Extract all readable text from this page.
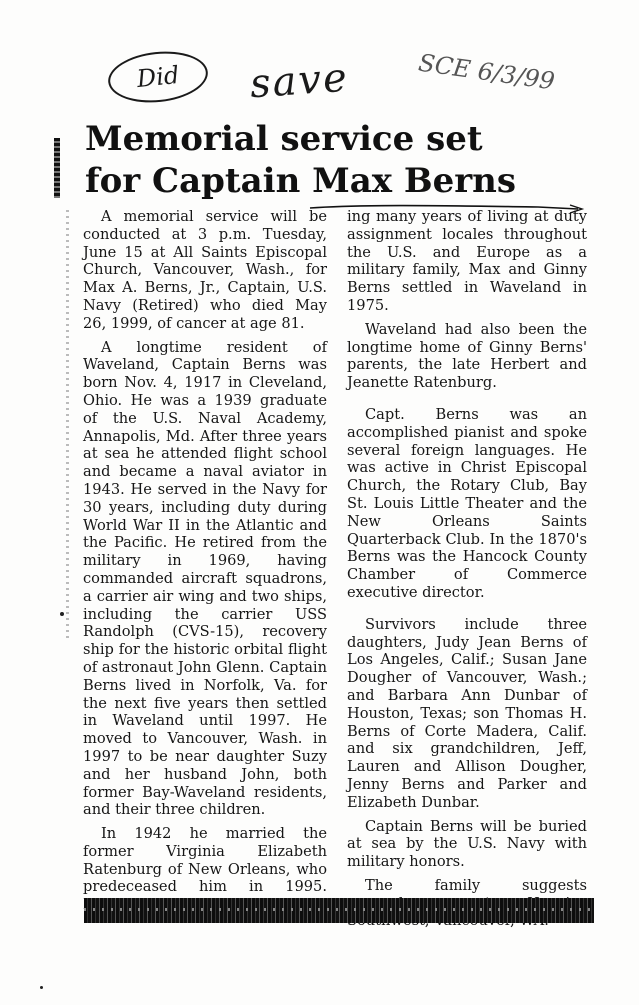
Did save	SCE 6/3/99
Memorial service set
for Captain Max Berns

A memorial service will be conducted at 3 p.m. Tuesday, June 15 at All Saints Episcopal Church, Vancouver, Wash., for Max A. Berns, Jr., Captain, U.S. Navy (Retired) who died May 26, 1999, of cancer at age 81.

A longtime resident of Waveland, Captain Berns was born Nov. 4, 1917 in Cleveland, Ohio. He was a 1939 graduate of the U.S. Naval Academy, Annapolis, Md. After three years at sea he attended flight school and became a naval aviator in 1943. He served in the Navy for 30 years, including duty during World War II in the Atlantic and the Pacific. He retired from the military in 1969, having commanded aircraft squadrons, a carrier air wing and two ships, including the carrier USS Randolph (CVS-15), recovery ship for the historic orbital flight of astronaut John Glenn. Captain Berns lived in Norfolk, Va. for the next five years then settled in Waveland until 1997. He moved to Vancouver, Wash. in 1997 to be near daughter Suzy and her husband John, both former Bay-Waveland residents, and their three children.

In 1942 he married the former Virginia Elizabeth Ratenburg of New Orleans, who predeceased him in 1995.

ing many years of living at duty assignment locales throughout the U.S. and Europe as a military family, Max and Ginny Berns settled in Waveland in 1975.

Waveland had also been the longtime home of Ginny Berns' parents, the late Herbert and Jeanette Ratenburg.

Capt. Berns was an accomplished pianist and spoke several foreign languages. He was active in Christ Episcopal Church, the Rotary Club, Bay St. Louis Little Theater and the New Orleans Saints Quarterback Club. In the 1870's Berns was the Hancock County Chamber of Commerce executive director.

Survivors include three daughters, Judy Jean Berns of Los Angeles, Calif.; Susan Jane Dougher of Vancouver, Wash.; and Barbara Ann Dunbar of Houston, Texas; son Thomas H. Berns of Corte Madera, Calif. and six grandchildren, Jeff, Lauren and Allison Dougher, Jenny Berns and Parker and Elizabeth Dunbar.

Captain Berns will be buried at sea by the U.S. Navy with military honors.

The family suggests
